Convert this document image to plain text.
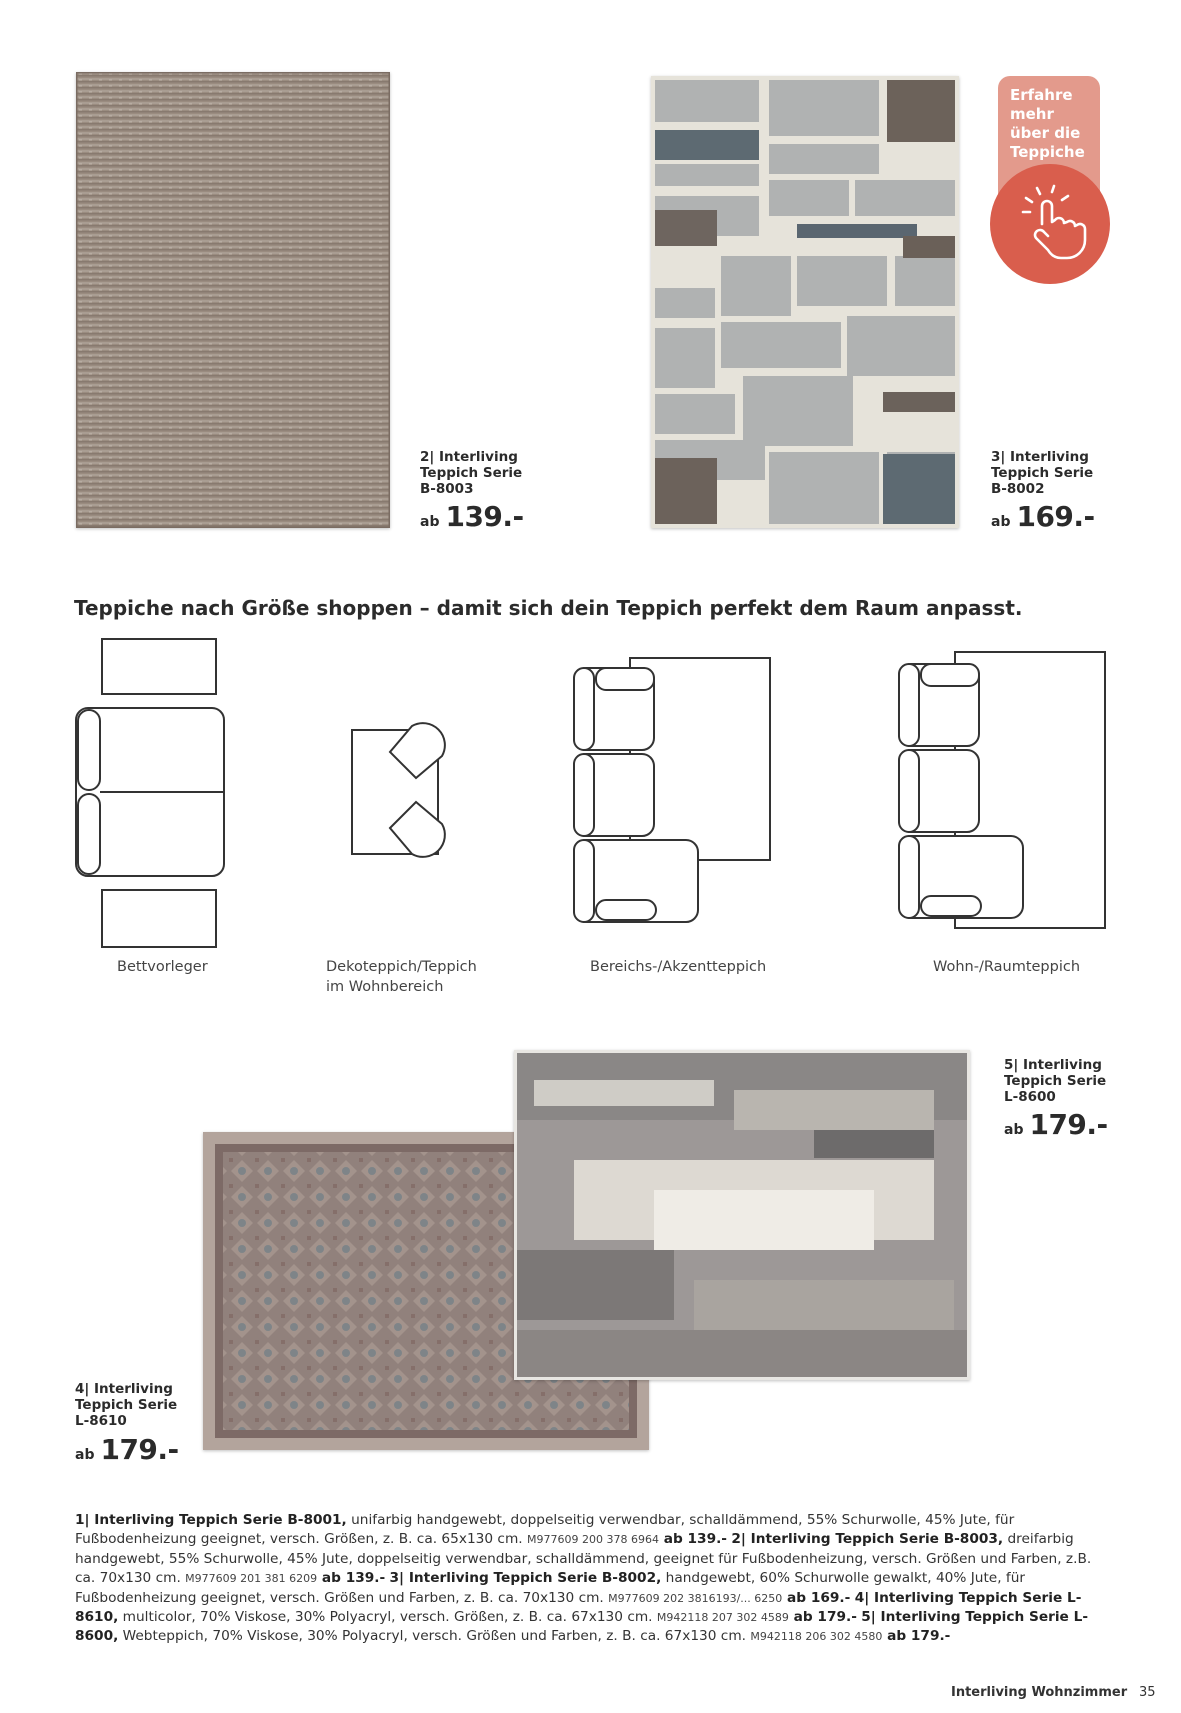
2| Interliving
Teppich Serie
B-8003
ab 139.-
3| Interliving
Teppich Serie
B-8002
ab 169.-
Erfahre
mehr
über die
Teppiche
Teppiche nach Größe shoppen – damit sich dein Teppich perfekt dem Raum anpasst.
Bettvorleger	Dekoteppich/Teppich
im Wohnbereich
Bereichs-/Akzentteppich	Wohn-/Raumteppich
5| Interliving
Teppich Serie
L-8600
ab 179.-
4| Interliving
Teppich Serie
L-8610
ab 179.-
1| Interliving Teppich Serie B-8001, unifarbig handgewebt, doppelseitig verwendbar, schalldämmend, 55% Schurwolle, 45% Jute, für Fußbodenheizung geeignet, versch. Größen, z. B. ca. 65x130 cm. M977609 200 378 6964 ab 139.- 2| Interliving Teppich Serie B-8003, dreifarbig handgewebt, 55% Schurwolle, 45% Jute, doppelseitig verwendbar, schalldämmend, geeignet für Fußbodenheizung, versch. Größen und Farben, z.B. ca. 70x130 cm. M977609 201 381 6209 ab 139.- 3| Interliving Teppich Serie B-8002, handgewebt, 60% Schurwolle gewalkt, 40% Jute, für Fußbodenheizung geeignet, versch. Größen und Farben, z. B. ca. 70x130 cm. M977609 202 3816193/... 6250 ab 169.- 4| Interliving Teppich Serie L-8610, multicolor, 70% Viskose, 30% Polyacryl, versch. Größen, z. B. ca. 67x130 cm. M942118 207 302 4589 ab 179.- 5| Interliving Teppich Serie L-8600, Webteppich, 70% Viskose, 30% Polyacryl, versch. Größen und Farben, z. B. ca. 67x130 cm. M942118 206 302 4580 ab 179.-
Interliving Wohnzimmer 35
